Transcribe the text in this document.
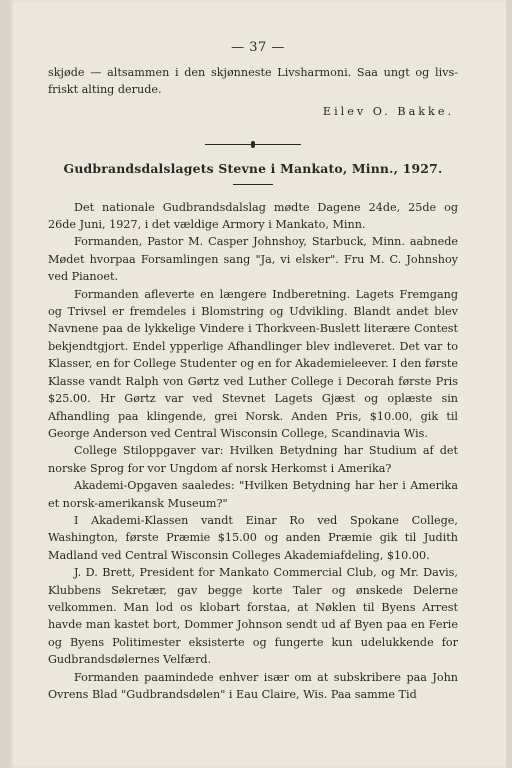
— 37 —

skjøde — altsammen i den skjønneste Livsharmoni. Saa ungt og livs-friskt alting derude.

Eilev O. Bakke.

Gudbrandsdalslagets Stevne i Mankato, Minn., 1927.

Det nationale Gudbrandsdalslag mødte Dagene 24de, 25de og 26de Juni, 1927, i det vældige Armory i Mankato, Minn.

Formanden, Pastor M. Casper Johnshoy, Starbuck, Minn. aabnede Mødet hvorpaa Forsamlingen sang "Ja, vi elsker". Fru M. C. Johnshoy ved Pianoet.

Formanden afleverte en længere Indberetning. Lagets Fremgang og Trivsel er fremdeles i Blomstring og Udvikling. Blandt andet blev Navnene paa de lykkelige Vindere i Thorkveen-Buslett literære Contest bekjendtgjort. Endel ypperlige Afhandlinger blev indleveret. Det var to Klasser, en for College Studenter og en for Akademieleever. I den første Klasse vandt Ralph von Gørtz ved Luther College i Decorah første Pris $25.00. Hr Gørtz var ved Stevnet Lagets Gjæst og oplæste sin Afhandling paa klingende, grei Norsk. Anden Pris, $10.00, gik til George Anderson ved Central Wisconsin College, Scandinavia Wis.

College Stiloppgaver var: Hvilken Betydning har Studium af det norske Sprog for vor Ungdom af norsk Herkomst i Amerika?

Akademi-Opgaven saaledes: "Hvilken Betydning har her i Amerika et norsk-amerikansk Museum?"

I Akademi-Klassen vandt Einar Ro ved Spokane College, Washington, første Præmie $15.00 og anden Præmie gik til Judith Madland ved Central Wisconsin Colleges Akademiafdeling, $10.00.

J. D. Brett, President for Mankato Commercial Club, og Mr. Davis, Klubbens Sekretær, gav begge korte Taler og ønskede Delerne velkommen. Man lod os klobart forstaa, at Nøklen til Byens Arrest havde man kastet bort, Dommer Johnson sendt ud af Byen paa en Ferie og Byens Politimester eksisterte og fungerte kun udelukkende for Gudbrandsdølernes Velfærd.

Formanden paamindede enhver især om at subskribere paa John Ovrens Blad "Gudbrandsdølen" i Eau Claire, Wis. Paa samme Tid
